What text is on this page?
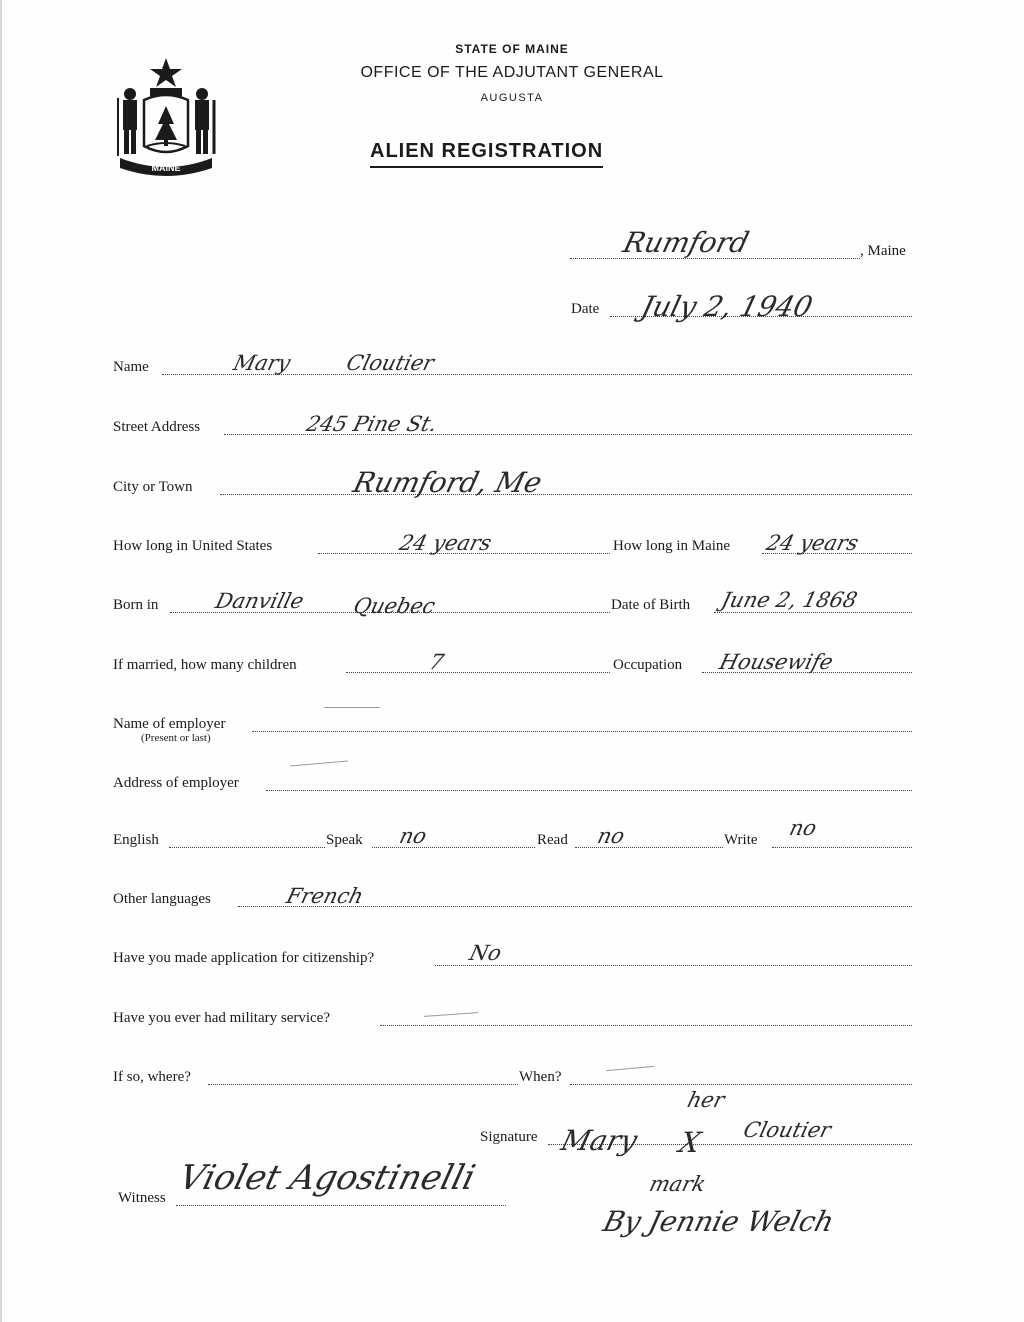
MAINE
STATE OF MAINE
OFFICE OF THE ADJUTANT GENERAL
AUGUSTA
ALIEN REGISTRATION
Rumford	, Maine
Date July 2, 1940
Name	Mary Cloutier
Street Address	245 Pine St.
City or Town	Rumford, Me
How long in United States	24 years	How long in Maine 24 years
Born in	Danville Quebec	Date of Birth June 2, 1868
If married, how many children	7	Occupation Housewife
Name of employer
(Present or last)
Address of employer
English	Speak no	Read no	Write no
Other languages	French
Have you made application for citizenship?	No
Have you ever had military service?
If so, where?	When?
Signature
her
Mary X Cloutier
mark
By Jennie Welch
Witness Violet Agostinelli
